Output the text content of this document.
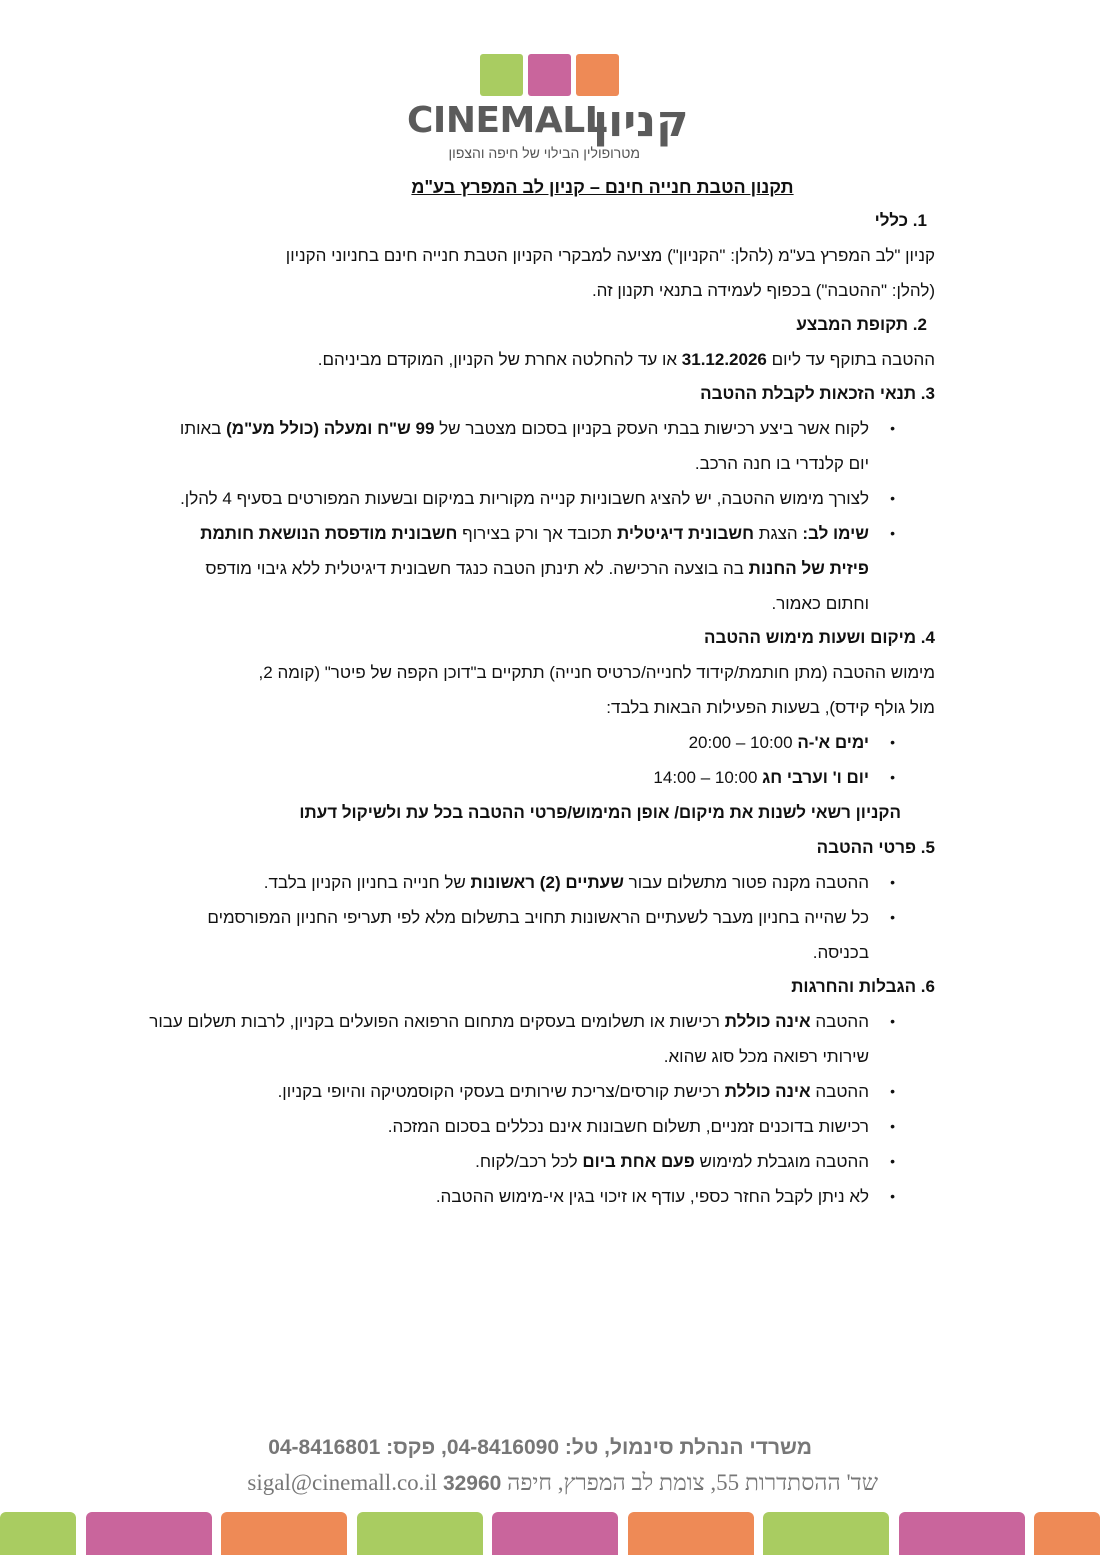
CINEMALL
קניון
מטרופולין הבילוי של חיפה והצפון
תקנון הטבת חנייה חינם – קניון לב המפרץ בע"מ
1. כללי
קניון "לב המפרץ בע"מ (להלן: "הקניון") מציעה למבקרי הקניון הטבת חנייה חינם בחניוני הקניון
(להלן: "ההטבה") בכפוף לעמידה בתנאי תקנון זה.
2. תקופת המבצע
ההטבה בתוקף עד ליום 31.12.2026 או עד להחלטה אחרת של הקניון, המוקדם מביניהם.
3. תנאי הזכאות לקבלת ההטבה
• לקוח אשר ביצע רכישות בבתי העסק בקניון בסכום מצטבר של 99 ש"ח ומעלה (כולל מע"מ) באותו יום קלנדרי בו חנה הרכב.
• לצורך מימוש ההטבה, יש להציג חשבוניות קנייה מקוריות במיקום ובשעות המפורטים בסעיף 4 להלן.
• שימו לב: הצגת חשבונית דיגיטלית תכובד אך ורק בצירוף חשבונית מודפסת הנושאת חותמת פיזית של החנות בה בוצעה הרכישה. לא תינתן הטבה כנגד חשבונית דיגיטלית ללא גיבוי מודפס וחתום כאמור.
4. מיקום ושעות מימוש ההטבה
מימוש ההטבה (מתן חותמת/קידוד לחנייה/כרטיס חנייה) תתקיים ב"דוכן הקפה של פיטר" (קומה 2,
מול גולף קידס), בשעות הפעילות הבאות בלבד:
• ימים א'-ה 10:00 – 20:00
• יום ו' וערבי חג 10:00 – 14:00
הקניון רשאי לשנות את מיקום/ אופן המימוש/פרטי ההטבה בכל עת ולשיקול דעתו
5. פרטי ההטבה
• ההטבה מקנה פטור מתשלום עבור שעתיים (2) ראשונות של חנייה בחניון הקניון בלבד.
• כל שהייה בחניון מעבר לשעתיים הראשונות תחויב בתשלום מלא לפי תעריפי החניון המפורסמים בכניסה.
6. הגבלות והחרגות
• ההטבה אינה כוללת רכישות או תשלומים בעסקים מתחום הרפואה הפועלים בקניון, לרבות תשלום עבור שירותי רפואה מכל סוג שהוא.
• ההטבה אינה כוללת רכישת קורסים/צריכת שירותים בעסקי הקוסמטיקה והיופי בקניון.
• רכישות בדוכנים זמניים, תשלום חשבונות אינם נכללים בסכום המזכה.
• ההטבה מוגבלת למימוש פעם אחת ביום לכל רכב/לקוח.
• לא ניתן לקבל החזר כספי, עודף או זיכוי בגין אי-מימוש ההטבה.
משרדי הנהלת סינמול, טל: 04-8416090, פקס: 04-8416801
שד' ההסתדרות 55, צומת לב המפרץ, חיפה 32960 sigal@cinemall.co.il
